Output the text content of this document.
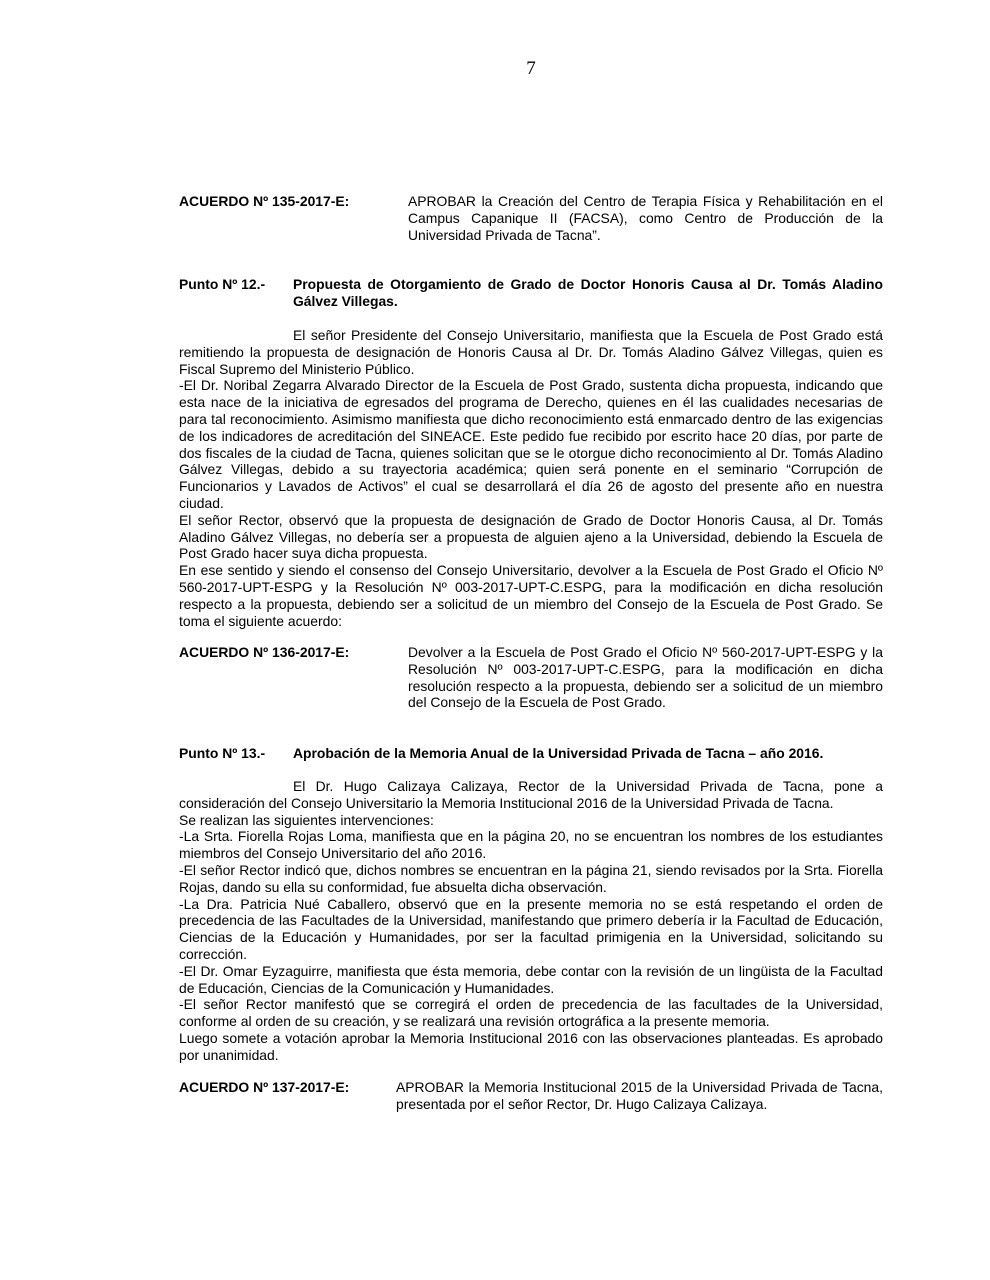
7
ACUERDO Nº 135-2017-E:	APROBAR la Creación del Centro de Terapia Física y Rehabilitación en el Campus Capanique II (FACSA), como Centro de Producción de la Universidad Privada de Tacna”.
Punto Nº 12.-	Propuesta de Otorgamiento de Grado de Doctor Honoris Causa al Dr. Tomás Aladino Gálvez Villegas.

El señor Presidente del Consejo Universitario, manifiesta que la Escuela de Post Grado está remitiendo la propuesta de designación de Honoris Causa al Dr. Dr. Tomás Aladino Gálvez Villegas, quien es Fiscal Supremo del Ministerio Público.

-El Dr. Noribal Zegarra Alvarado Director de la Escuela de Post Grado, sustenta dicha propuesta, indicando que esta nace de la iniciativa de egresados del programa de Derecho, quienes en él las cualidades necesarias de para tal reconocimiento. Asimismo manifiesta que dicho reconocimiento está enmarcado dentro de las exigencias de los indicadores de acreditación del SINEACE. Este pedido fue recibido por escrito hace 20 días, por parte de dos fiscales de la ciudad de Tacna, quienes solicitan que se le otorgue dicho reconocimiento al Dr. Tomás Aladino Gálvez Villegas, debido a su trayectoria académica; quien será ponente en el seminario “Corrupción de Funcionarios y Lavados de Activos” el cual se desarrollará el día 26 de agosto del presente año en nuestra ciudad.

El señor Rector, observó que la propuesta de designación de Grado de Doctor Honoris Causa, al Dr. Tomás Aladino Gálvez Villegas, no debería ser a propuesta de alguien ajeno a la Universidad, debiendo la Escuela de Post Grado hacer suya dicha propuesta.

En ese sentido y siendo el consenso del Consejo Universitario, devolver a la Escuela de Post Grado el Oficio Nº 560-2017-UPT-ESPG y la Resolución Nº 003-2017-UPT-C.ESPG, para la modificación en dicha resolución respecto a la propuesta, debiendo ser a solicitud de un miembro del Consejo de la Escuela de Post Grado. Se toma el siguiente acuerdo:

ACUERDO Nº 136-2017-E:	Devolver a la Escuela de Post Grado el Oficio Nº 560-2017-UPT-ESPG y la Resolución Nº 003-2017-UPT-C.ESPG, para la modificación en dicha resolución respecto a la propuesta, debiendo ser a solicitud de un miembro del Consejo de la Escuela de Post Grado.
Punto Nº 13.-	Aprobación de la Memoria Anual de la Universidad Privada de Tacna – año 2016.

El Dr. Hugo Calizaya Calizaya, Rector de la Universidad Privada de Tacna, pone a consideración del Consejo Universitario la Memoria Institucional 2016 de la Universidad Privada de Tacna.

Se realizan las siguientes intervenciones:

-La Srta. Fiorella Rojas Loma, manifiesta que en la página 20, no se encuentran los nombres de los estudiantes miembros del Consejo Universitario del año 2016.

-El señor Rector indicó que, dichos nombres se encuentran en la página 21, siendo revisados por la Srta. Fiorella Rojas, dando su ella su conformidad, fue absuelta dicha observación.

-La Dra. Patricia Nué Caballero, observó que en la presente memoria no se está respetando el orden de precedencia de las Facultades de la Universidad, manifestando que primero debería ir la Facultad de Educación, Ciencias de la Educación y Humanidades, por ser la facultad primigenia en la Universidad, solicitando su corrección.

-El Dr. Omar Eyzaguirre, manifiesta que ésta memoria, debe contar con la revisión de un lingüista de la Facultad de Educación, Ciencias de la Comunicación y Humanidades.

-El señor Rector manifestó que se corregirá el orden de precedencia de las facultades de la Universidad, conforme al orden de su creación, y se realizará una revisión ortográfica a la presente memoria.

Luego somete a votación aprobar la Memoria Institucional 2016 con las observaciones planteadas. Es aprobado por unanimidad.

ACUERDO Nº 137-2017-E:	APROBAR la Memoria Institucional 2015 de la Universidad Privada de Tacna, presentada por el señor Rector, Dr. Hugo Calizaya Calizaya.
